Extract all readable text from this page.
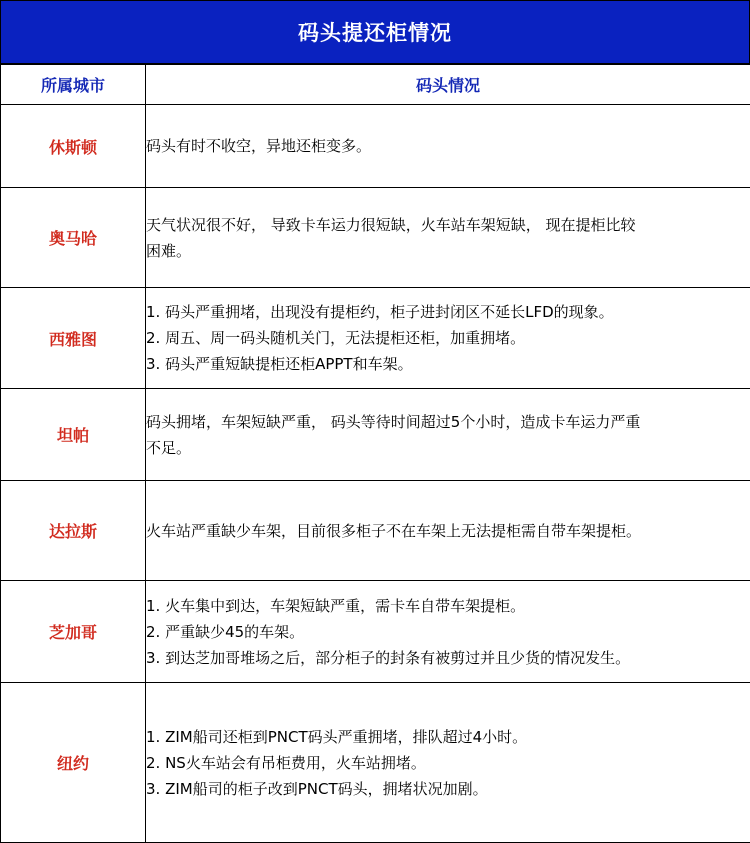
码头提还柜情况
所属城市	码头情况
休斯顿	码头有时不收空，异地还柜变多。

奥马哈	天气状况很不好， 导致卡车运力很短缺，火车站车架短缺， 现在提柜比较
困难。

西雅图	1. 码头严重拥堵，出现没有提柜约，柜子进封闭区不延长LFD的现象。
2. 周五、周一码头随机关门，无法提柜还柜，加重拥堵。
3. 码头严重短缺提柜还柜APPT和车架。

坦帕	码头拥堵，车架短缺严重， 码头等待时间超过5个小时，造成卡车运力严重
不足。

达拉斯	火车站严重缺少车架，目前很多柜子不在车架上无法提柜需自带车架提柜。

芝加哥	1. 火车集中到达，车架短缺严重，需卡车自带车架提柜。
2. 严重缺少45的车架。
3. 到达芝加哥堆场之后，部分柜子的封条有被剪过并且少货的情况发生。

纽约	1. ZIM船司还柜到PNCT码头严重拥堵，排队超过4小时。
2. NS火车站会有吊柜费用，火车站拥堵。
3. ZIM船司的柜子改到PNCT码头，拥堵状况加剧。
